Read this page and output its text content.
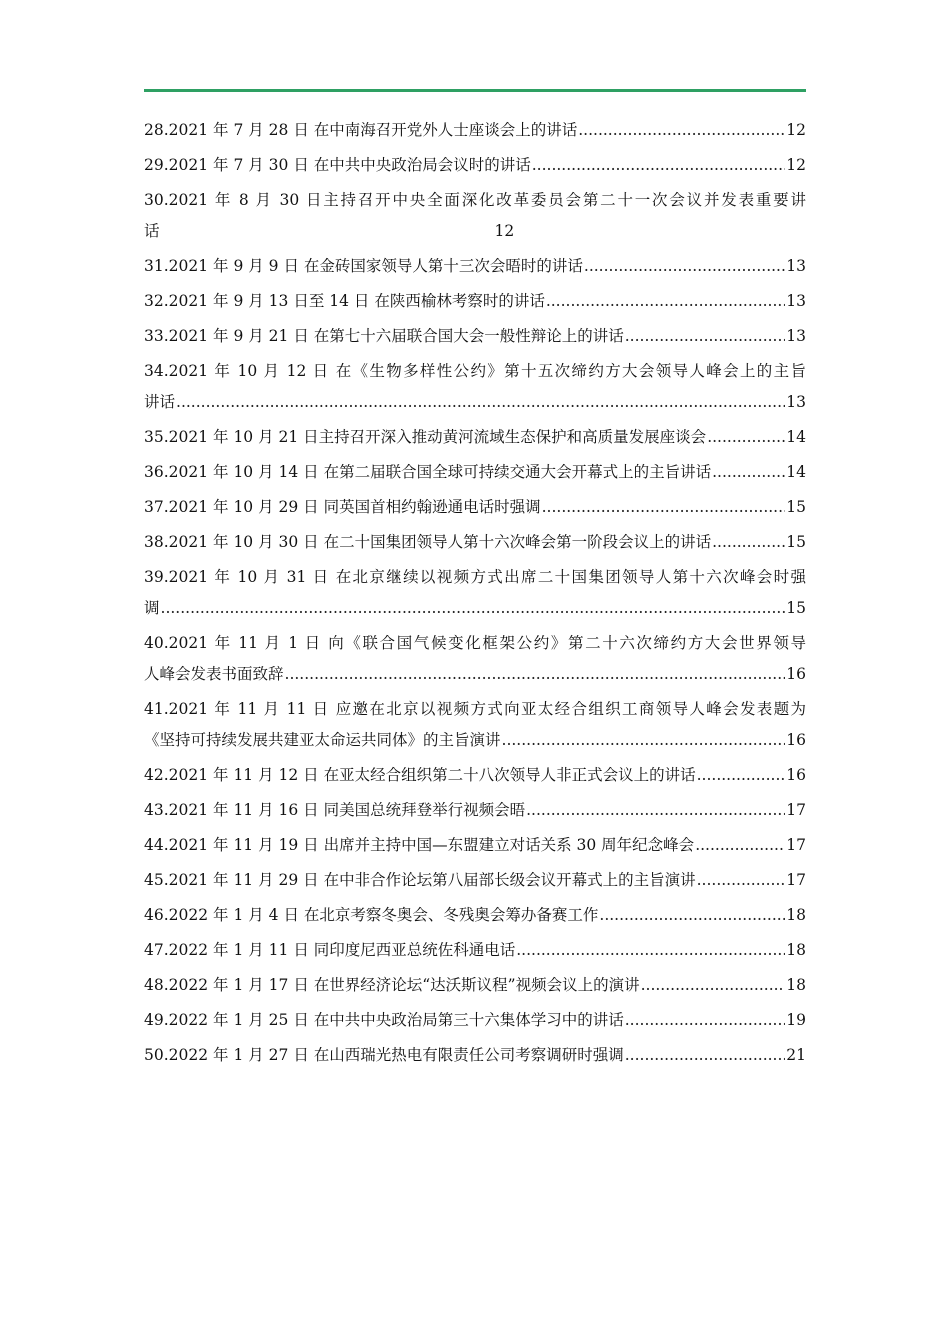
28.2021 年 7 月 28 日 在中南海召开党外人士座谈会上的讲话 .....	12
29.2021 年 7 月 30 日 在中共中央政治局会议时的讲话 .....	12
30.2021 年 8 月 30 日主持召开中央全面深化改革委员会第二十一次会议并发表重要讲
话	12
31.2021 年 9 月 9 日 在金砖国家领导人第十三次会晤时的讲话 .....	13
32.2021 年 9 月 13 日至 14 日 在陕西榆林考察时的讲话 .....	13
33.2021 年 9 月 21 日 在第七十六届联合国大会一般性辩论上的讲话 .....	13
34.2021 年 10 月 12 日 在《生物多样性公约》第十五次缔约方大会领导人峰会上的主旨
讲话 .....	13
35.2021 年 10 月 21 日主持召开深入推动黄河流域生态保护和高质量发展座谈会 .....	14
36.2021 年 10 月 14 日 在第二届联合国全球可持续交通大会开幕式上的主旨讲话 .....	14
37.2021 年 10 月 29 日 同英国首相约翰逊通电话时强调 .....	15
38.2021 年 10 月 30 日 在二十国集团领导人第十六次峰会第一阶段会议上的讲话 .....	15
39.2021 年 10 月 31 日 在北京继续以视频方式出席二十国集团领导人第十六次峰会时强
调 .....	15
40.2021 年 11 月 1 日 向《联合国气候变化框架公约》第二十六次缔约方大会世界领导
人峰会发表书面致辞 .....	16
41.2021 年 11 月 11 日 应邀在北京以视频方式向亚太经合组织工商领导人峰会发表题为
《坚持可持续发展共建亚太命运共同体》的主旨演讲 .....	16
42.2021 年 11 月 12 日 在亚太经合组织第二十八次领导人非正式会议上的讲话 .....	16
43.2021 年 11 月 16 日 同美国总统拜登举行视频会晤 .....	17
44.2021 年 11 月 19 日 出席并主持中国—东盟建立对话关系 30 周年纪念峰会 .....	17
45.2021 年 11 月 29 日 在中非合作论坛第八届部长级会议开幕式上的主旨演讲 .....	17
46.2022 年 1 月 4 日 在北京考察冬奥会、冬残奥会筹办备赛工作 .....	18
47.2022 年 1 月 11 日 同印度尼西亚总统佐科通电话 .....	18
48.2022 年 1 月 17 日 在世界经济论坛“达沃斯议程”视频会议上的演讲 .....	18
49.2022 年 1 月 25 日 在中共中央政治局第三十六集体学习中的讲话 .....	19
50.2022 年 1 月 27 日 在山西瑞光热电有限责任公司考察调研时强调 .....	21
